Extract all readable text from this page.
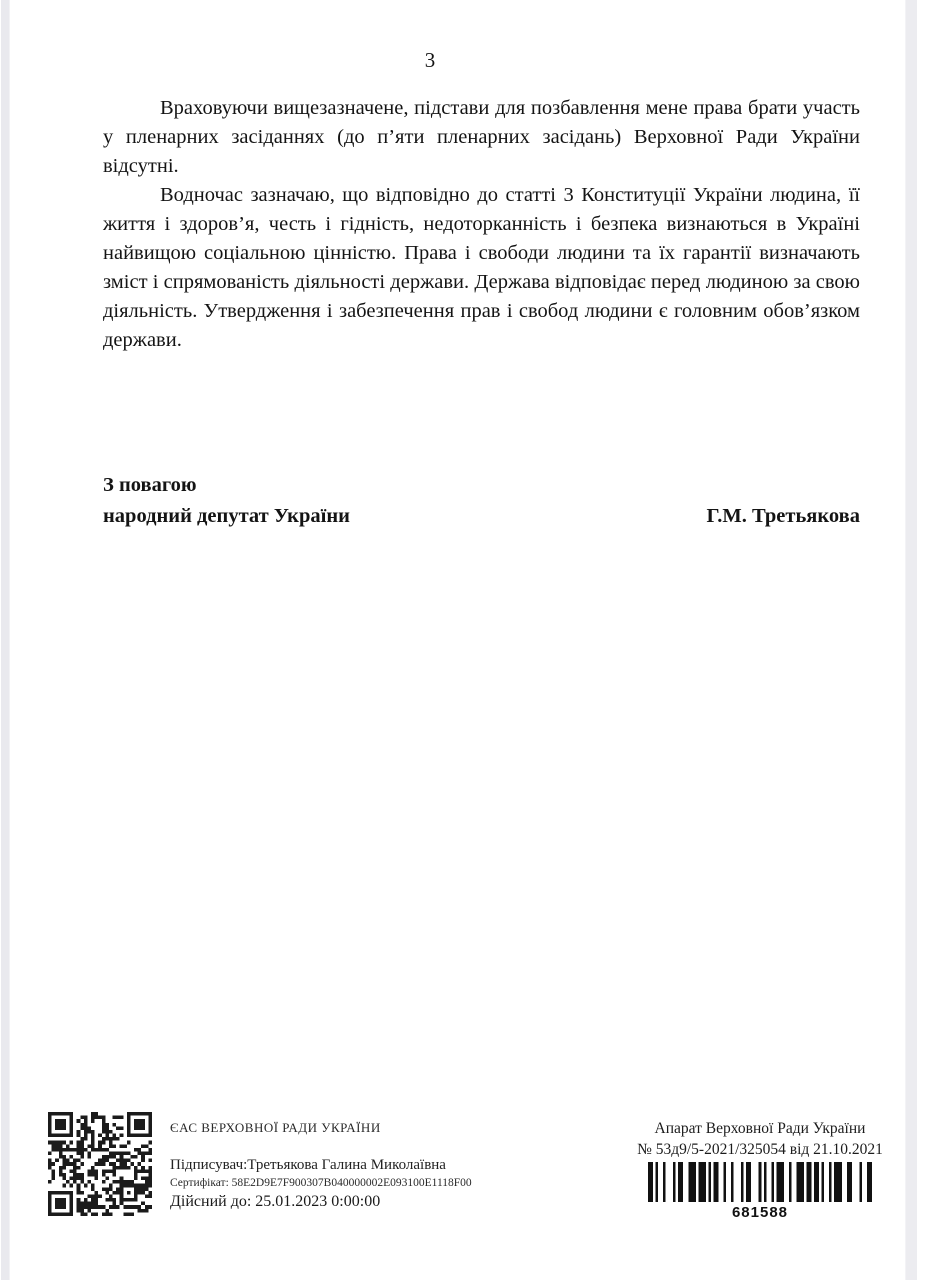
3

Враховуючи вищезазначене, підстави для позбавлення мене права брати участь у пленарних засіданнях (до п’яти пленарних засідань) Верховної Ради України відсутні.

Водночас зазначаю, що відповідно до статті 3 Конституції України людина, її життя і здоров’я, честь і гідність, недоторканність і безпека визнаються в Україні найвищою соціальною цінністю. Права і свободи людини та їх гарантії визначають зміст і спрямованість діяльності держави. Держава відповідає перед людиною за свою діяльність. Утвердження і забезпечення прав і свобод людини є головним обов’язком держави.

З повагою
народний депутат України	Г.М. Третьякова
ЄАС ВЕРХОВНОЇ РАДИ УКРАЇНИ
Підписувач:Третьякова Галина Миколаївна
Сертифікат: 58E2D9E7F900307B040000002E093100E1118F00
Дійсний до: 25.01.2023 0:00:00
Апарат Верховної Ради України
№ 53д9/5-2021/325054 від 21.10.2021
681588
